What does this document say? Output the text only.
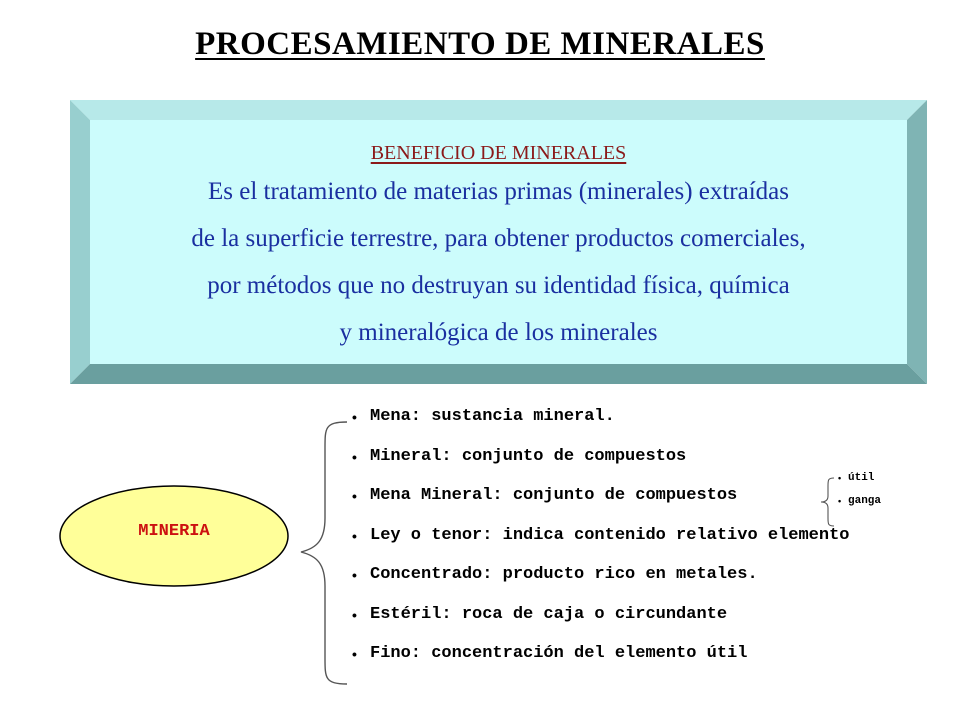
PROCESAMIENTO DE MINERALES
BENEFICIO DE MINERALES
Es el tratamiento de materias primas (minerales) extraídas
de la superficie terrestre, para obtener productos comerciales,
por métodos que no destruyan su identidad física, química
y mineralógica de los minerales
MINERIA
• Mena: sustancia mineral.
• Mineral: conjunto de compuestos
• Mena Mineral: conjunto de compuestos
• Ley o tenor: indica contenido relativo elemento
• Concentrado: producto rico en metales.
• Estéril: roca de caja o circundante
• Fino: concentración del elemento útil
• útil
• ganga
